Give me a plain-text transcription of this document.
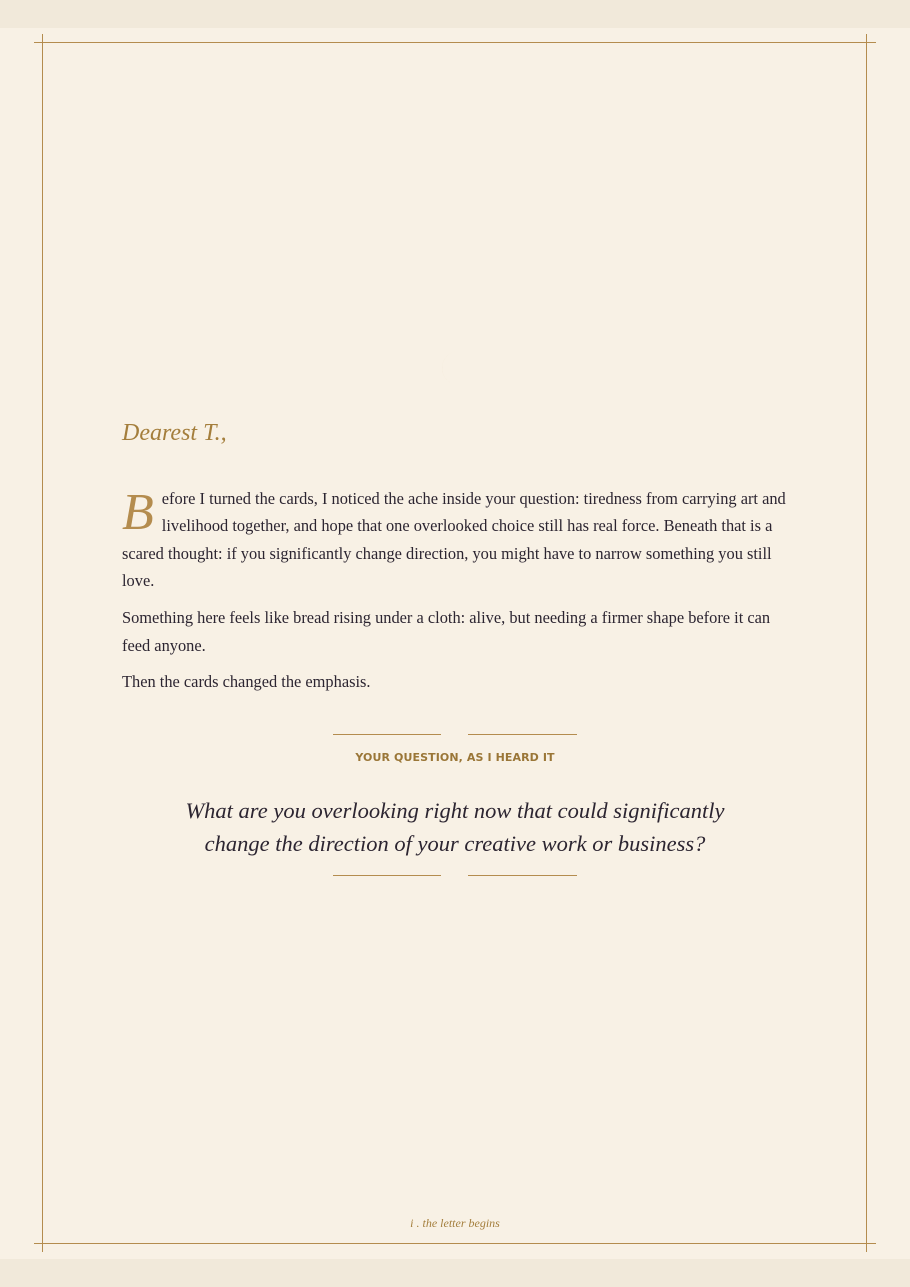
Dearest T.,

Before I turned the cards, I noticed the ache inside your question: tiredness from carrying art and livelihood together, and hope that one overlooked choice still has real force. Beneath that is a scared thought: if you significantly change direction, you might have to narrow something you still love.

Something here feels like bread rising under a cloth: alive, but needing a firmer shape before it can feed anyone.

Then the cards changed the emphasis.

YOUR QUESTION, AS I HEARD IT
What are you overlooking right now that could significantly change the direction of your creative work or business?
i . the letter begins
